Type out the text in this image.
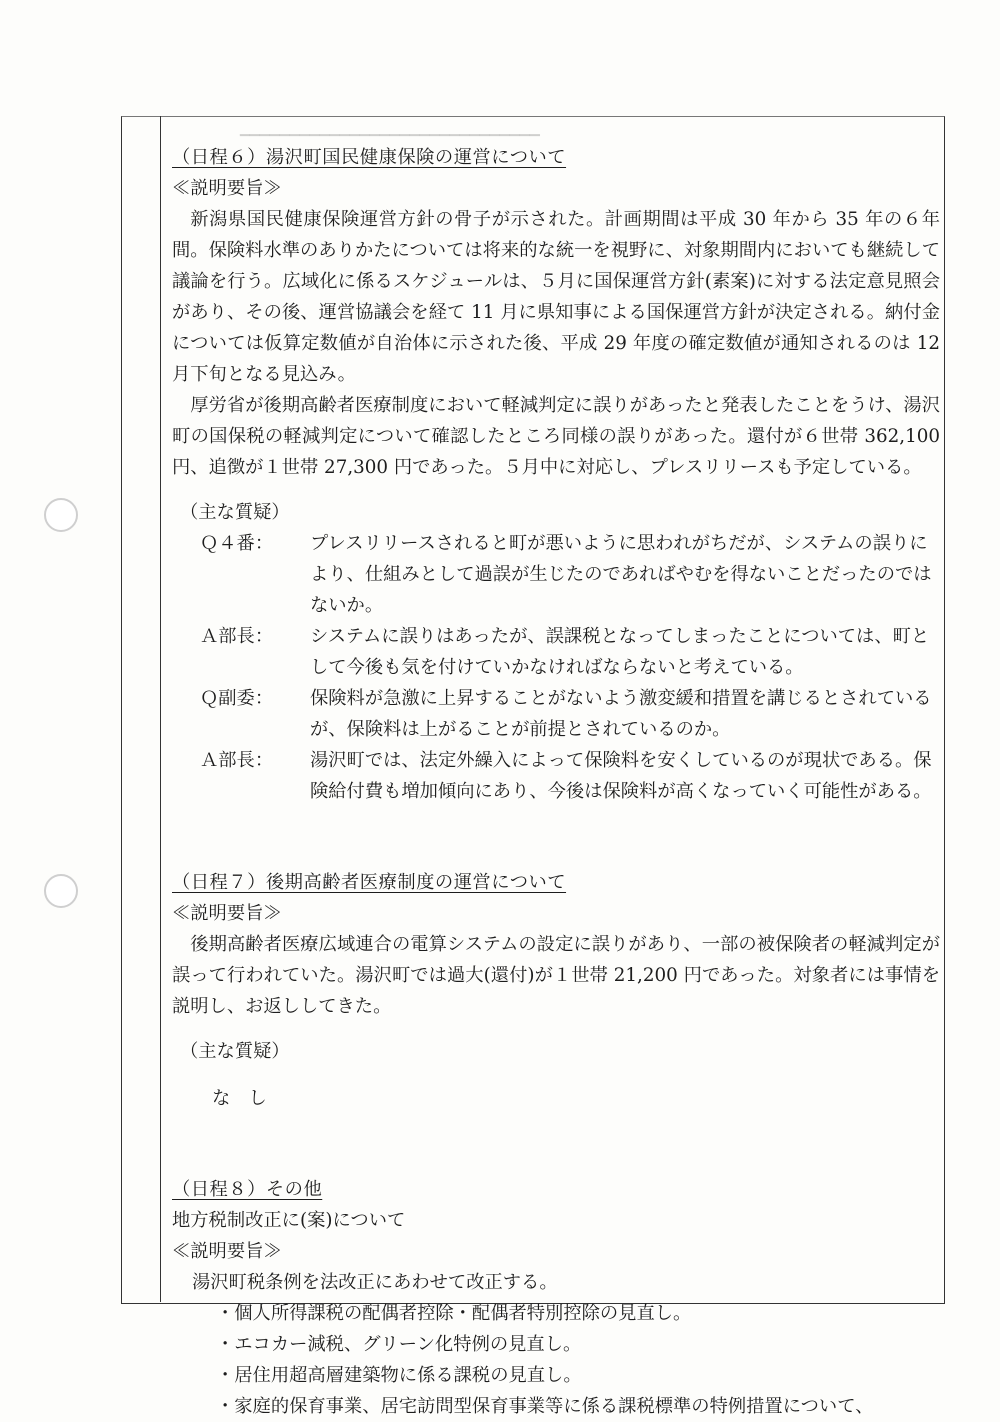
▁▁▁▁▁▁▁▁▁▁▁▁▁▁▁▁▁▁▁▁▁▁▁▁▁▁▁▁▁▁
（日程６）湯沢町国民健康保険の運営について
≪説明要旨≫

新潟県国民健康保険運営方針の骨子が示された。計画期間は平成 30 年から 35 年の６年間。保険料水準のありかたについては将来的な統一を視野に、対象期間内においても継続して議論を行う。広域化に係るスケジュールは、５月に国保運営方針(素案)に対する法定意見照会があり、その後、運営協議会を経て 11 月に県知事による国保運営方針が決定される。納付金については仮算定数値が自治体に示された後、平成 29 年度の確定数値が通知されるのは 12 月下旬となる見込み。

厚労省が後期高齢者医療制度において軽減判定に誤りがあったと発表したことをうけ、湯沢町の国保税の軽減判定について確認したところ同様の誤りがあった。還付が６世帯 362,100 円、追徴が１世帯 27,300 円であった。５月中に対応し、プレスリリースも予定している。

（主な質疑）
Ｑ４番：	プレスリリースされると町が悪いように思われがちだが、システムの誤りにより、仕組みとして過誤が生じたのであればやむを得ないことだったのではないか。
Ａ部長：	システムに誤りはあったが、誤課税となってしまったことについては、町として今後も気を付けていかなければならないと考えている。
Ｑ副委：	保険料が急激に上昇することがないよう激変緩和措置を講じるとされているが、保険料は上がることが前提とされているのか。
Ａ部長：	湯沢町では、法定外繰入によって保険料を安くしているのが現状である。保険給付費も増加傾向にあり、今後は保険料が高くなっていく可能性がある。
（日程７）後期高齢者医療制度の運営について
≪説明要旨≫

後期高齢者医療広域連合の電算システムの設定に誤りがあり、一部の被保険者の軽減判定が誤って行われていた。湯沢町では過大(還付)が１世帯 21,200 円であった。対象者には事情を説明し、お返ししてきた。

（主な質疑）
な　し
（日程８）その他
地方税制改正に(案)について
≪説明要旨≫
湯沢町税条例を法改正にあわせて改正する。
・個人所得課税の配偶者控除・配偶者特別控除の見直し。
・エコカー減税、グリーン化特例の見直し。
・居住用超高層建築物に係る課税の見直し。
・家庭的保育事業、居宅訪問型保育事業等に係る課税標準の特例措置について、
